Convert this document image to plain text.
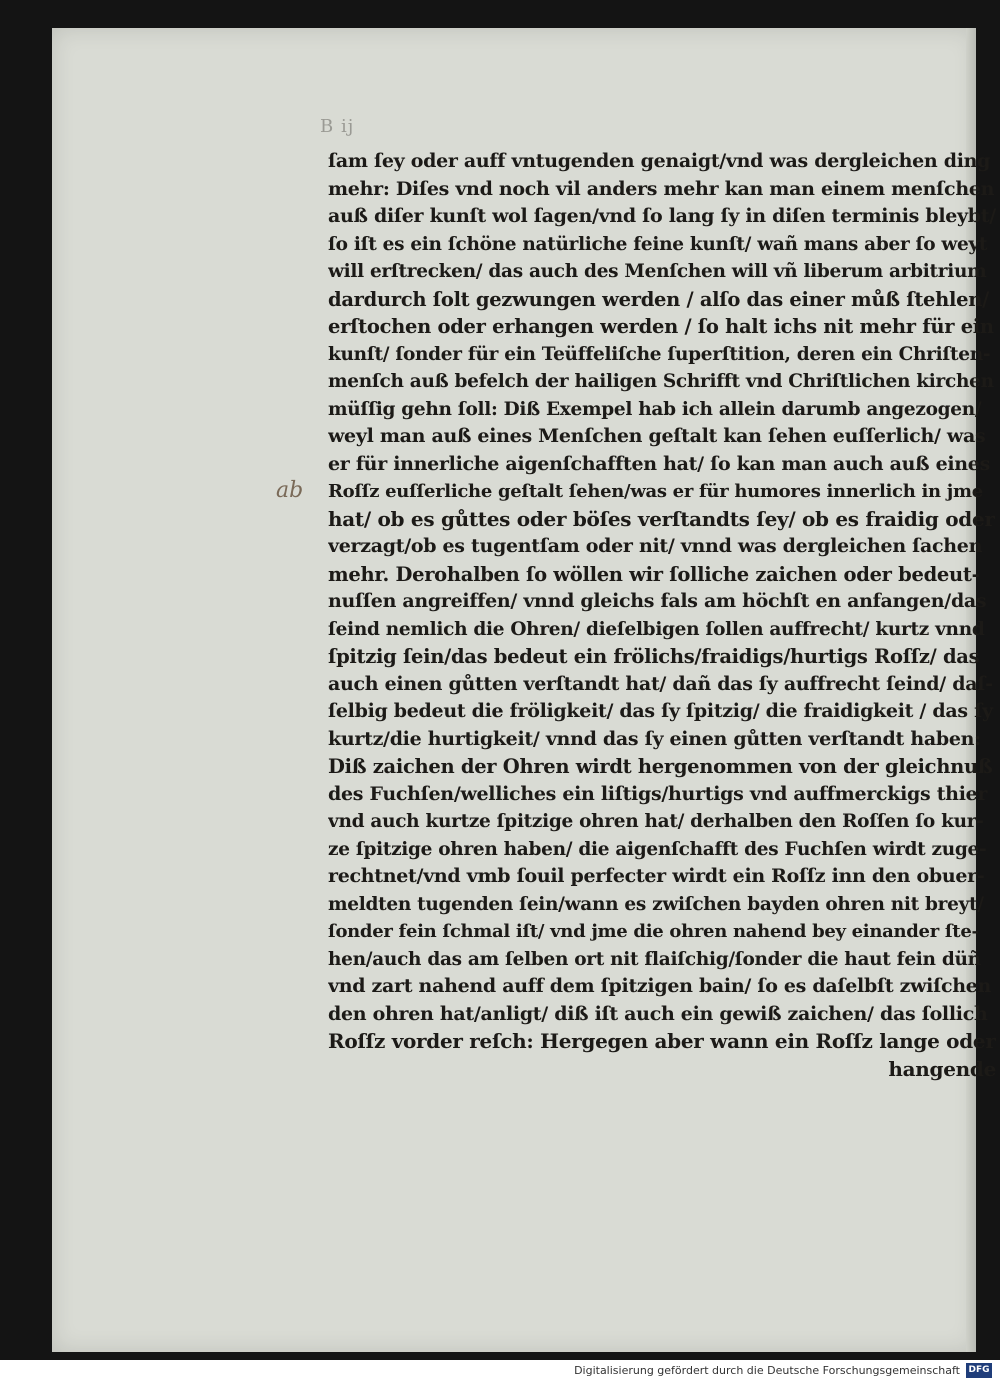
B ij
ab
ſam ſey oder auff vntugenden genaigt/vnd was dergleichen ding
mehr: Diſes vnd noch vil anders mehr kan man einem menſchen
auß diſer kunſt wol ſagen/vnd ſo lang ſy in diſen terminis bleybt/
ſo iſt es ein ſchöne natürliche feine kunſt/ wañ mans aber ſo weyt
will erſtrecken/ das auch des Menſchen will vñ liberum arbitrium
dardurch ſolt gezwungen werden / alſo das einer můß ſtehlen/
erſtochen oder erhangen werden / ſo halt ichs nit mehr für ein
kunſt/ ſonder für ein Teüffeliſche ſuperſtition, deren ein Chriſten-
menſch auß befelch der hailigen Schrifft vnd Chriſtlichen kirchen
müſſig gehn ſoll: Diß Exempel hab ich allein darumb angezogen/
weyl man auß eines Menſchen geſtalt kan ſehen euſſerlich/ was
er für innerliche aigenſchafften hat/ ſo kan man auch auß eines
Roſſz euſſerliche geſtalt ſehen/was er für humores innerlich in jme
hat/ ob es gůttes oder böſes verſtandts ſey/ ob es fraidig oder
verzagt/ob es tugentſam oder nit/ vnnd was dergleichen ſachen
mehr. Derohalben ſo wöllen wir ſolliche zaichen oder bedeut-
nuſſen angreiffen/ vnnd gleichs fals am höchſt en anfangen/das
ſeind nemlich die Ohren/ dieſelbigen ſollen auffrecht/ kurtz vnnd
ſpitzig ſein/das bedeut ein frölichs/fraidigs/hurtigs Roſſz/ das
auch einen gůtten verſtandt hat/ dañ das ſy auffrecht ſeind/ daſ-
ſelbig bedeut die fröligkeit/ das ſy ſpitzig/ die fraidigkeit / das ſy
kurtz/die hurtigkeit/ vnnd das ſy einen gůtten verſtandt haben:
Diß zaichen der Ohren wirdt hergenommen von der gleichnuß
des Fuchſen/welliches ein liſtigs/hurtigs vnd auffmerckigs thier
vnd auch kurtze ſpitzige ohren hat/ derhalben den Roſſen ſo kur-
ze ſpitzige ohren haben/ die aigenſchafft des Fuchſen wirdt zuge-
rechtnet/vnd vmb ſouil perfecter wirdt ein Roſſz inn den obuer-
meldten tugenden ſein/wann es zwiſchen bayden ohren nit breyt/
ſonder fein ſchmal iſt/ vnd jme die ohren nahend bey einander ſte-
hen/auch das am ſelben ort nit flaiſchig/ſonder die haut fein düñ
vnd zart nahend auff dem ſpitzigen bain/ ſo es daſelbſt zwiſchen
den ohren hat/anligt/ diß iſt auch ein gewiß zaichen/ das ſollich
Roſſz vorder reſch: Hergegen aber wann ein Roſſz lange oder
hangende
Digitalisierung gefördert durch die Deutsche Forschungsgemeinschaft DFG
